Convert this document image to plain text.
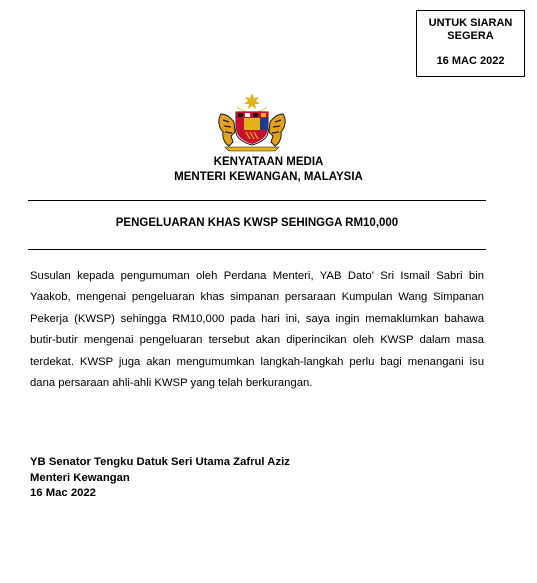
UNTUK SIARAN
SEGERA
16 MAC 2022
KENYATAAN MEDIA
MENTERI KEWANGAN, MALAYSIA
PENGELUARAN KHAS KWSP SEHINGGA RM10,000
Susulan kepada pengumuman oleh Perdana Menteri, YAB Dato' Sri Ismail Sabri bin Yaakob, mengenai pengeluaran khas simpanan persaraan Kumpulan Wang Simpanan Pekerja (KWSP) sehingga RM10,000 pada hari ini, saya ingin memaklumkan bahawa butir-butir mengenai pengeluaran tersebut akan diperincikan oleh KWSP dalam masa terdekat. KWSP juga akan mengumumkan langkah-langkah perlu bagi menangani isu dana persaraan ahli-ahli KWSP yang telah berkurangan.
YB Senator Tengku Datuk Seri Utama Zafrul Aziz
Menteri Kewangan
16 Mac 2022
